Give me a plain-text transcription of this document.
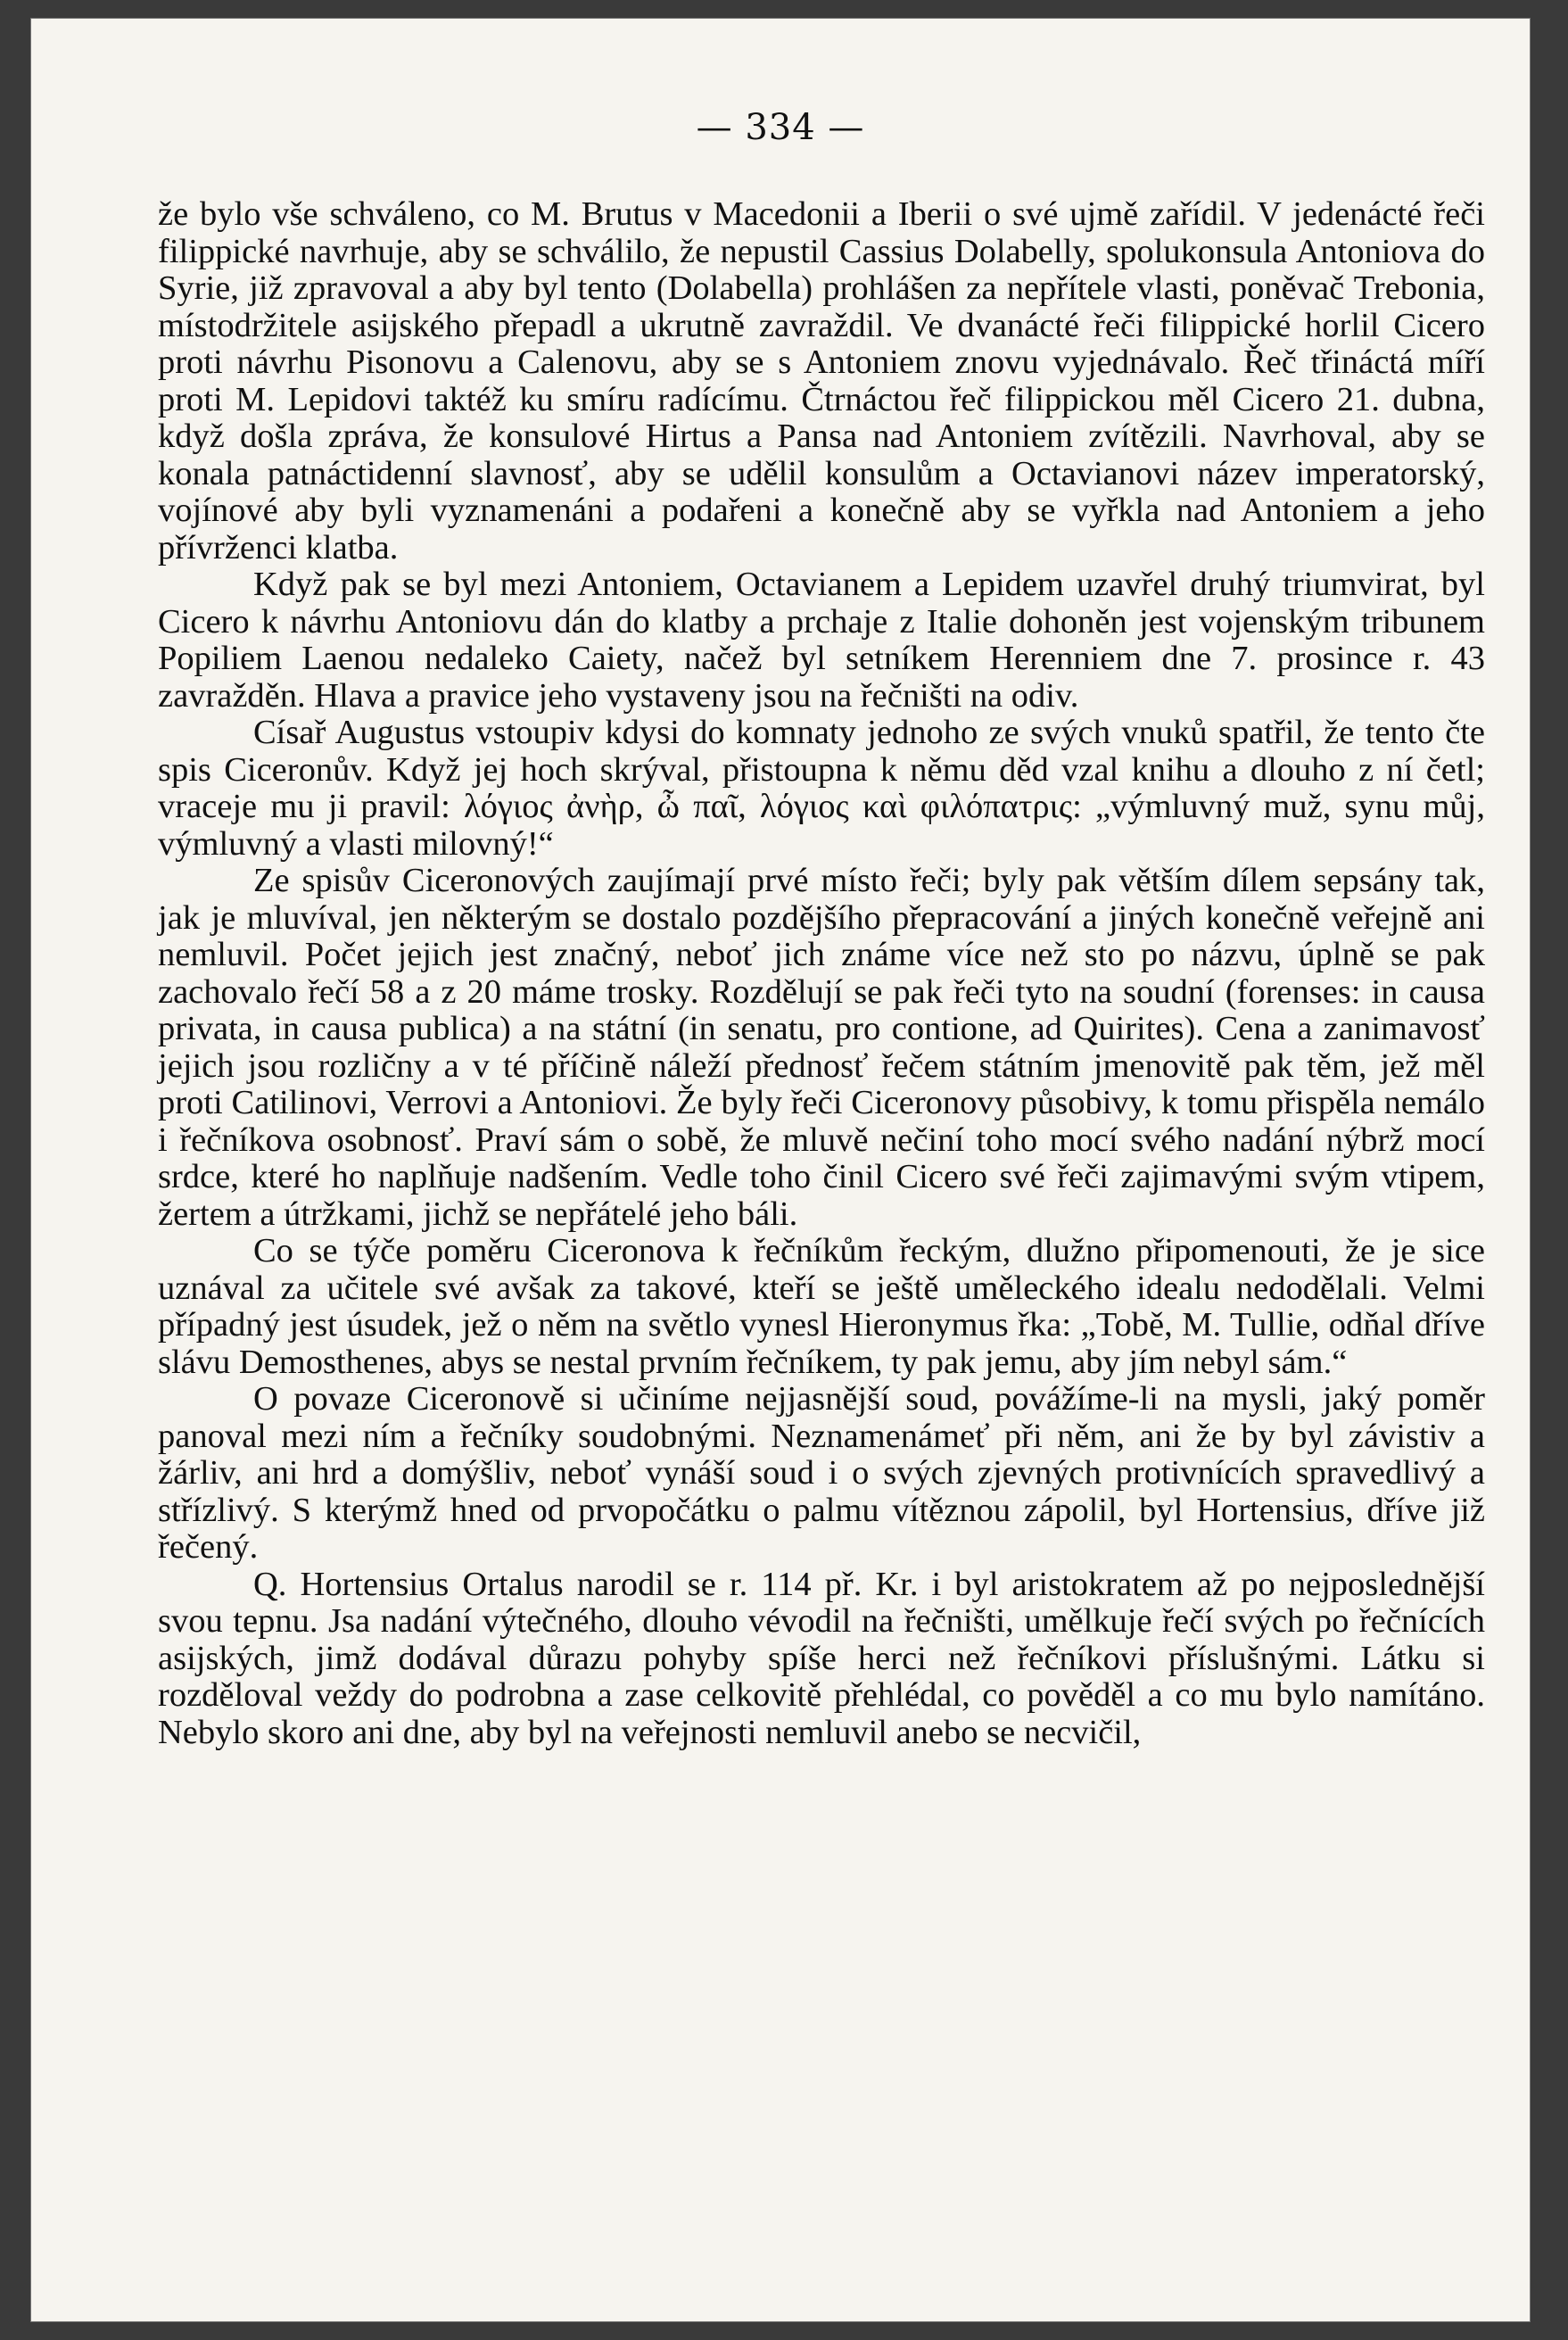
— 334 —

že bylo vše schváleno, co M. Brutus v Macedonii a Iberii o své ujmě zařídil. V jedenácté řeči filippické navrhuje, aby se schválilo, že nepustil Cassius Dolabelly, spolukonsula Antoniova do Syrie, již zpravoval a aby byl tento (Dolabella) prohlášen za nepřítele vlasti, poněvač Trebonia, místodržitele asijského přepadl a ukrutně zavraždil. Ve dvanácté řeči filippické horlil Cicero proti návrhu Pisonovu a Calenovu, aby se s Antoniem znovu vyjednávalo. Řeč třináctá míří proti M. Lepidovi taktéž ku smíru radícímu. Čtrnáctou řeč filippickou měl Cicero 21. dubna, když došla zpráva, že konsulové Hirtus a Pansa nad Antoniem zvítězili. Navrhoval, aby se konala patnáctidenní slavnosť, aby se udělil konsulům a Octavianovi název imperatorský, vojínové aby byli vyznamenáni a podařeni a konečně aby se vyřkla nad Antoniem a jeho přívrženci klatba.

Když pak se byl mezi Antoniem, Octavianem a Lepidem uzavřel druhý triumvirat, byl Cicero k návrhu Antoniovu dán do klatby a prchaje z Italie dohoněn jest vojenským tribunem Popiliem Laenou nedaleko Caiety, načež byl setníkem Herenniem dne 7. prosince r. 43 zavražděn. Hlava a pravice jeho vystaveny jsou na řečništi na odiv.

Císař Augustus vstoupiv kdysi do komnaty jednoho ze svých vnuků spatřil, že tento čte spis Ciceronův. Když jej hoch skrýval, přistoupna k němu děd vzal knihu a dlouho z ní četl; vraceje mu ji pravil: λόγιος ἀνὴρ, ὦ παῖ, λόγιος καὶ φιλόπατρις: „výmluvný muž, synu můj, výmluvný a vlasti milovný!“

Ze spisův Ciceronových zaujímají prvé místo řeči; byly pak větším dílem sepsány tak, jak je mluvíval, jen některým se dostalo pozdějšího přepracování a jiných konečně veřejně ani nemluvil. Počet jejich jest značný, neboť jich známe více než sto po názvu, úplně se pak zachovalo řečí 58 a z 20 máme trosky. Rozdělují se pak řeči tyto na soudní (forenses: in causa privata, in causa publica) a na státní (in senatu, pro contione, ad Quirites). Cena a zanimavosť jejich jsou rozličny a v té příčině náleží přednosť řečem státním jmenovitě pak těm, jež měl proti Catilinovi, Verrovi a Antoniovi. Že byly řeči Ciceronovy působivy, k tomu přispěla nemálo i řečníkova osobnosť. Praví sám o sobě, že mluvě nečiní toho mocí svého nadání nýbrž mocí srdce, které ho naplňuje nadšením. Vedle toho činil Cicero své řeči zajimavými svým vtipem, žertem a útržkami, jichž se nepřátelé jeho báli.

Co se týče poměru Ciceronova k řečníkům řeckým, dlužno připomenouti, že je sice uznával za učitele své avšak za takové, kteří se ještě uměleckého idealu nedodělali. Velmi případný jest úsudek, jež o něm na světlo vynesl Hieronymus řka: „Tobě, M. Tullie, odňal dříve slávu Demosthenes, abys se nestal prvním řečníkem, ty pak jemu, aby jím nebyl sám.“

O povaze Ciceronově si učiníme nejjasnější soud, povážíme-li na mysli, jaký poměr panoval mezi ním a řečníky soudobnými. Neznamenámeť při něm, ani že by byl závistiv a žárliv, ani hrd a domýšliv, neboť vynáší soud i o svých zjevných protivnících spravedlivý a střízlivý. S kterýmž hned od prvopočátku o palmu vítěznou zápolil, byl Hortensius, dříve již řečený.

Q. Hortensius Ortalus narodil se r. 114 př. Kr. i byl aristokratem až po nejposlednější svou tepnu. Jsa nadání výtečného, dlouho vévodil na řečništi, umělkuje řečí svých po řečnících asijských, jimž dodával důrazu pohyby spíše herci než řečníkovi příslušnými. Látku si rozděloval veždy do podrobna a zase celkovitě přehlédal, co pověděl a co mu bylo namítáno. Nebylo skoro ani dne, aby byl na veřejnosti nemluvil anebo se necvičil,
